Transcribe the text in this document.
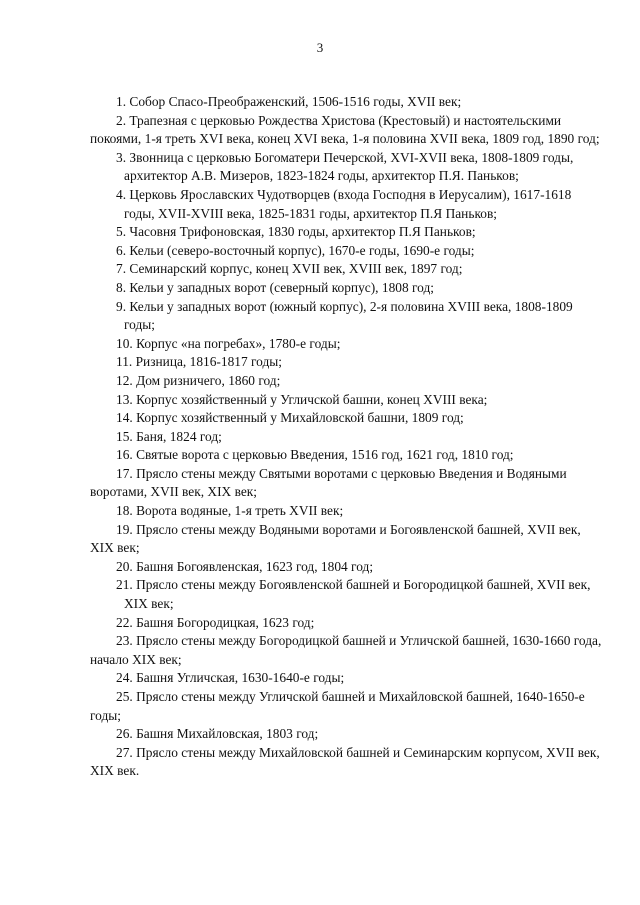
3

1. Собор Спасо-Преображенский, 1506-1516 годы, XVII век;

2. Трапезная с церковью Рождества Христова (Крестовый) и настоятельскими покоями, 1-я треть XVI века, конец XVI века, 1-я половина XVII века, 1809 год, 1890 год;

3. Звонница с церковью Богоматери Печерской, XVI-XVII века, 1808-1809 годы, архитектор А.В. Мизеров, 1823-1824 годы, архитектор П.Я. Паньков;

4. Церковь Ярославских Чудотворцев (входа Господня в Иерусалим), 1617-1618 годы, XVII-XVIII века, 1825-1831 годы, архитектор П.Я Паньков;

5. Часовня Трифоновская, 1830 годы, архитектор П.Я Паньков;

6. Кельи (северо-восточный корпус), 1670-е годы, 1690-е годы;

7. Семинарский корпус, конец XVII век, XVIII век, 1897 год;

8. Кельи у западных ворот (северный корпус), 1808 год;

9. Кельи у западных ворот (южный корпус), 2-я половина XVIII века, 1808-1809 годы;

10. Корпус «на погребах», 1780-е годы;

11. Ризница, 1816-1817 годы;

12. Дом ризничего, 1860 год;

13. Корпус хозяйственный у Угличской башни, конец XVIII века;

14. Корпус хозяйственный у Михайловской башни, 1809 год;

15. Баня, 1824 год;

16. Святые ворота с церковью Введения, 1516 год, 1621 год, 1810 год;

17. Прясло стены между Святыми воротами с церковью Введения и Водяными воротами, XVII век, XIX век;

18. Ворота водяные, 1-я треть XVII век;

19. Прясло стены между Водяными воротами и Богоявленской башней, XVII век, XIX век;

20. Башня Богоявленская, 1623 год, 1804 год;

21. Прясло стены между Богоявленской башней и Богородицкой башней, XVII век, XIX век;

22. Башня Богородицкая, 1623 год;

23. Прясло стены между Богородицкой башней и Угличской башней, 1630-1660 года, начало XIX век;

24. Башня Угличская, 1630-1640-е годы;

25. Прясло стены между Угличской башней и Михайловской башней, 1640-1650-е годы;

26. Башня Михайловская, 1803 год;

27. Прясло стены между Михайловской башней и Семинарским корпусом, XVII век, XIX век.
